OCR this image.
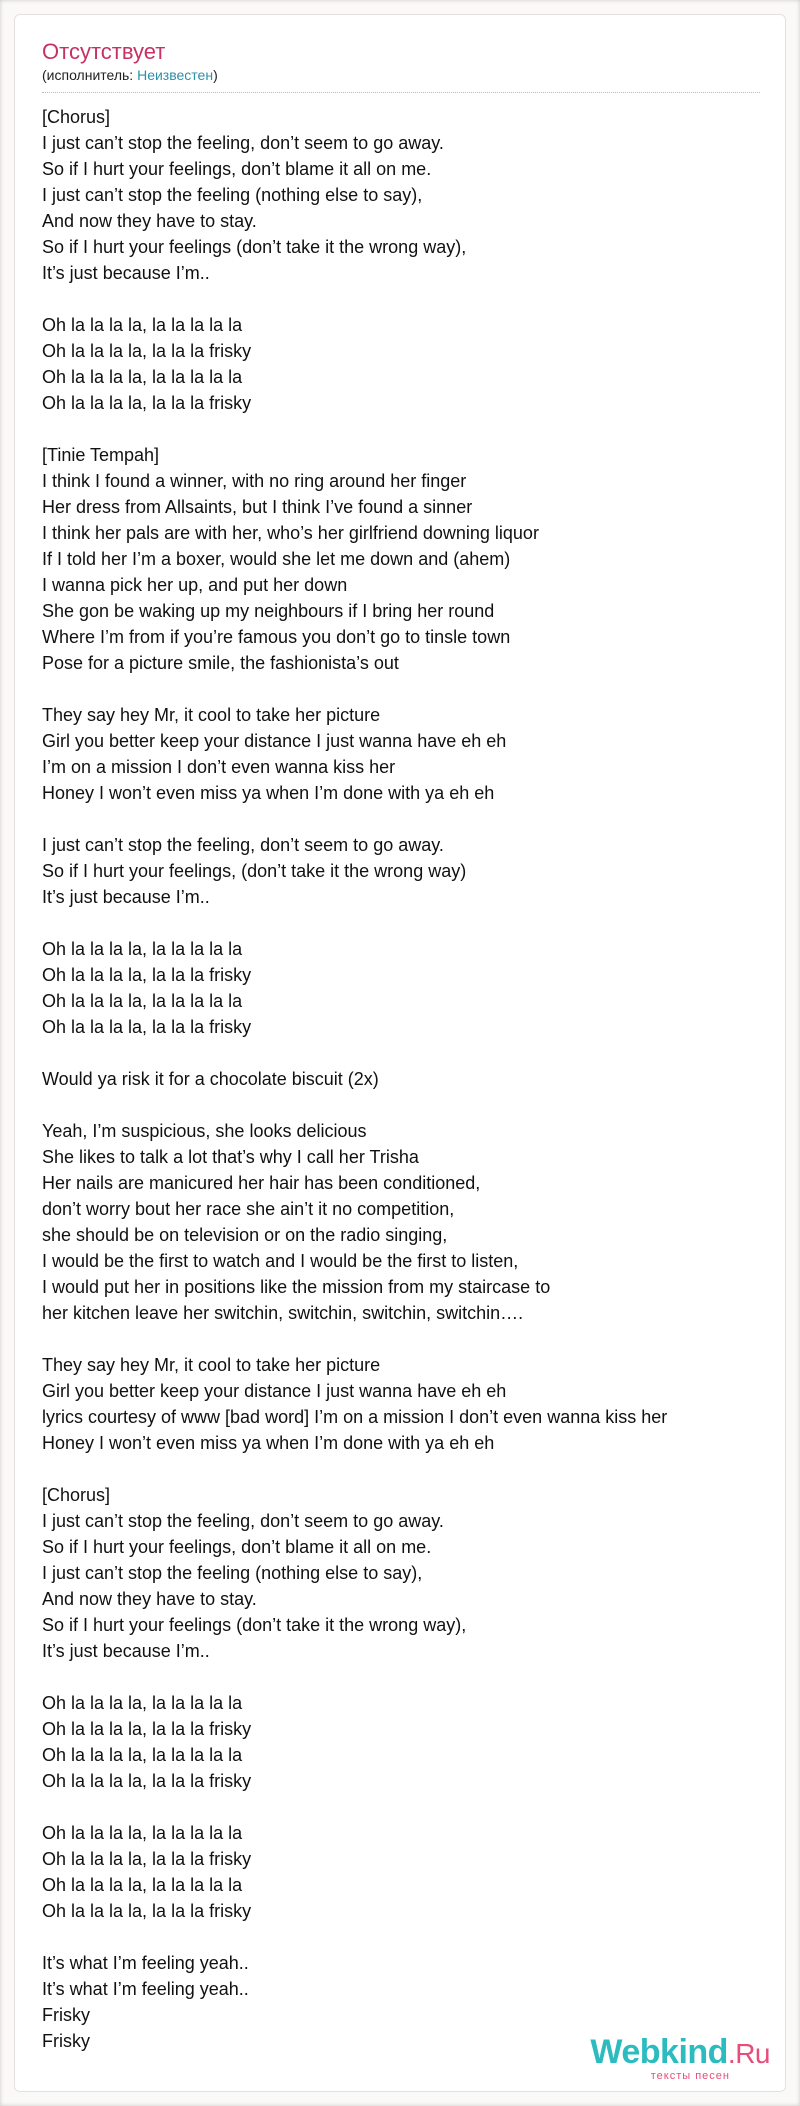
Отсутствует
(исполнитель: Неизвестен)
[Chorus]
I just can’t stop the feeling, don’t seem to go away.
So if I hurt your feelings, don’t blame it all on me.
I just can’t stop the feeling (nothing else to say),
And now they have to stay.
So if I hurt your feelings (don’t take it the wrong way),
It’s just because I’m..
Oh la la la la, la la la la la
Oh la la la la, la la la frisky
Oh la la la la, la la la la la
Oh la la la la, la la la frisky
[Tinie Tempah]
I think I found a winner, with no ring around her finger
Her dress from Allsaints, but I think I’ve found a sinner
I think her pals are with her, who’s her girlfriend downing liquor
If I told her I’m a boxer, would she let me down and (ahem)
I wanna pick her up, and put her down
She gon be waking up my neighbours if I bring her round
Where I’m from if you’re famous you don’t go to tinsle town
Pose for a picture smile, the fashionista’s out
They say hey Mr, it cool to take her picture
Girl you better keep your distance I just wanna have eh eh
I’m on a mission I don’t even wanna kiss her
Honey I won’t even miss ya when I’m done with ya eh eh
I just can’t stop the feeling, don’t seem to go away.
So if I hurt your feelings, (don’t take it the wrong way)
It’s just because I’m..
Oh la la la la, la la la la la
Oh la la la la, la la la frisky
Oh la la la la, la la la la la
Oh la la la la, la la la frisky
Would ya risk it for a chocolate biscuit (2x)
Yeah, I’m suspicious, she looks delicious
She likes to talk a lot that’s why I call her Trisha
Her nails are manicured her hair has been conditioned,
don’t worry bout her race she ain’t it no competition,
she should be on television or on the radio singing,
I would be the first to watch and I would be the first to listen,
I would put her in positions like the mission from my staircase to
her kitchen leave her switchin, switchin, switchin, switchin….
They say hey Mr, it cool to take her picture
Girl you better keep your distance I just wanna have eh eh
lyrics courtesy of www [bad word] I’m on a mission I don’t even wanna kiss her
Honey I won’t even miss ya when I’m done with ya eh eh
[Chorus]
I just can’t stop the feeling, don’t seem to go away.
So if I hurt your feelings, don’t blame it all on me.
I just can’t stop the feeling (nothing else to say),
And now they have to stay.
So if I hurt your feelings (don’t take it the wrong way),
It’s just because I’m..
Oh la la la la, la la la la la
Oh la la la la, la la la frisky
Oh la la la la, la la la la la
Oh la la la la, la la la frisky
Oh la la la la, la la la la la
Oh la la la la, la la la frisky
Oh la la la la, la la la la la
Oh la la la la, la la la frisky
It’s what I’m feeling yeah..
It’s what I’m feeling yeah..
Frisky
Frisky	Webkind.Ru
тексты песен
